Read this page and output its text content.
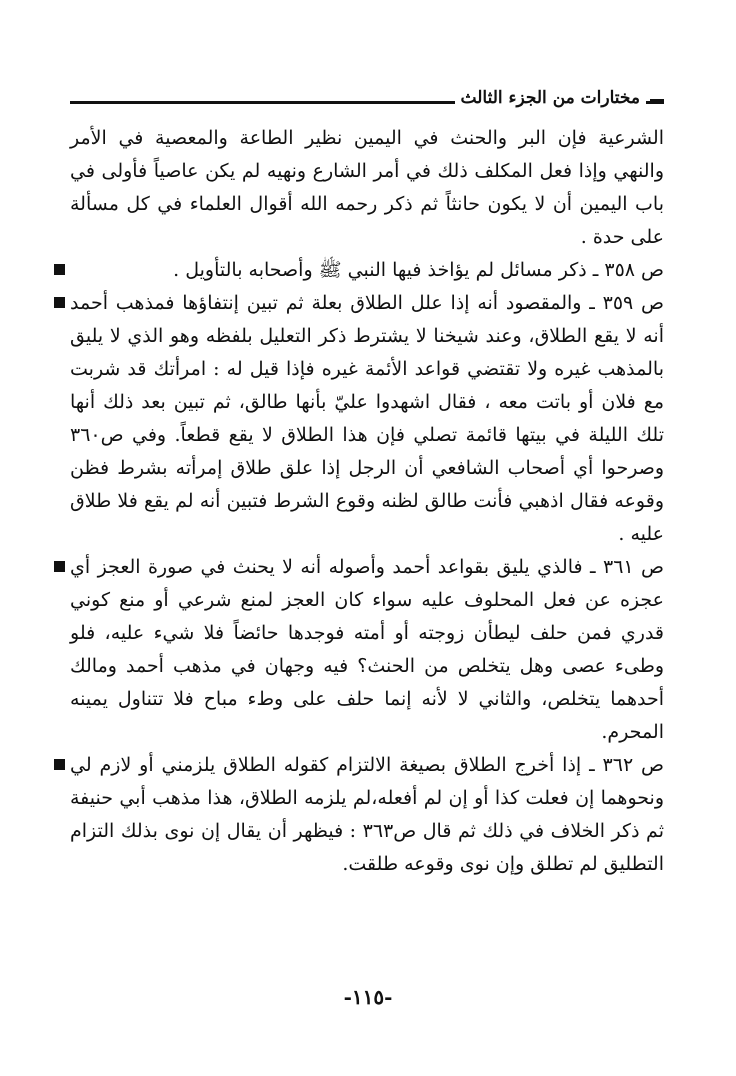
مختارات من الجزء الثالث

الشرعية فإن البر والحنث في اليمين نظير الطاعة والمعصية في الأمر والنهي وإذا فعل المكلف ذلك في أمر الشارع ونهيه لم يكن عاصياً فأولى في باب اليمين أن لا يكون حانثاً ثم ذكر رحمه الله أقوال العلماء في كل مسألة على حدة .

ص ٣٥٨ ـ ذكر مسائل لم يؤاخذ فيها النبي ﷺ وأصحابه بالتأويل .
ص ٣٥٩ ـ والمقصود أنه إذا علل الطلاق بعلة ثم تبين إنتفاؤها فمذهب أحمد أنه لا يقع الطلاق، وعند شيخنا لا يشترط ذكر التعليل بلفظه وهو الذي لا يليق بالمذهب غيره ولا تقتضي قواعد الأئمة غيره فإذا قيل له : امرأتك قد شربت مع فلان أو باتت معه ، فقال اشهدوا عليّ بأنها طالق، ثم تبين بعد ذلك أنها تلك الليلة في بيتها قائمة تصلي فإن هذا الطلاق لا يقع قطعاً. وفي ص٣٦٠ وصرحوا أي أصحاب الشافعي أن الرجل إذا علق طلاق إمرأته بشرط فظن وقوعه فقال اذهبي فأنت طالق لظنه وقوع الشرط فتبين أنه لم يقع فلا طلاق عليه .
ص ٣٦١ ـ فالذي يليق بقواعد أحمد وأصوله أنه لا يحنث في صورة العجز أي عجزه عن فعل المحلوف عليه سواء كان العجز لمنع شرعي أو منع كوني قدري فمن حلف ليطأن زوجته أو أمته فوجدها حائضاً فلا شيء عليه، فلو وطىء عصى وهل يتخلص من الحنث؟ فيه وجهان في مذهب أحمد ومالك أحدهما يتخلص، والثاني لا لأنه إنما حلف على وطء مباح فلا تتناول يمينه المحرم.
ص ٣٦٢ ـ إذا أخرج الطلاق بصيغة الالتزام كقوله الطلاق يلزمني أو لازم لي ونحوهما إن فعلت كذا أو إن لم أفعله،لم يلزمه الطلاق، هذا مذهب أبي حنيفة ثم ذكر الخلاف في ذلك ثم قال ص٣٦٣ : فيظهر أن يقال إن نوى بذلك التزام التطليق لم تطلق وإن نوى وقوعه طلقت.
-١١٥-
